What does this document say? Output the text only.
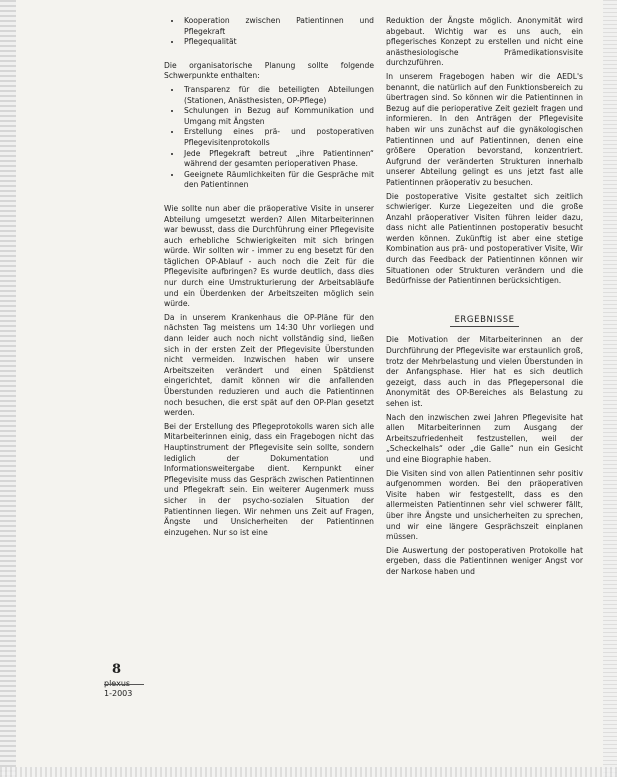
• Kooperation zwischen Patientinnen und Pflegekraft
• Pflegequalität

Die organisatorische Planung sollte folgende Schwerpunkte enthalten:

• Transparenz für die beteiligten Abteilungen (Stationen, Anästhesisten, OP-Pflege)
• Schulungen in Bezug auf Kommunikation und Umgang mit Ängsten
• Erstellung eines prä- und postoperativen Pflegevisitenprotokolls
• Jede Pflegekraft betreut „ihre Patientinnen“ während der gesamten perioperativen Phase.
• Geeignete Räumlichkeiten für die Gespräche mit den Patientinnen

Wie sollte nun aber die präoperative Visite in unserer Abteilung umgesetzt werden? Allen Mitarbeiterinnen war bewusst, dass die Durchführung einer Pflegevisite auch erhebliche Schwierigkeiten mit sich bringen würde. Wir sollten wir - immer zu eng besetzt für den täglichen OP-Ablauf - auch noch die Zeit für die Pflegevisite aufbringen? Es wurde deutlich, dass dies nur durch eine Umstrukturierung der Arbeitsabläufe und ein Überdenken der Arbeitszeiten möglich sein würde.

Da in unserem Krankenhaus die OP-Pläne für den nächsten Tag meistens um 14:30 Uhr vorliegen und dann leider auch noch nicht vollständig sind, ließen sich in der ersten Zeit der Pflegevisite Überstunden nicht vermeiden. Inzwischen haben wir unsere Arbeitszeiten verändert und einen Spätdienst eingerichtet, damit können wir die anfallenden Überstunden reduzieren und auch die Patientinnen noch besuchen, die erst spät auf den OP-Plan gesetzt werden.

Bei der Erstellung des Pflegeprotokolls waren sich alle Mitarbeiterinnen einig, dass ein Fragebogen nicht das Hauptinstrument der Pflegevisite sein sollte, sondern lediglich der Dokumentation und Informationsweitergabe dient. Kernpunkt einer Pflegevisite muss das Gespräch zwischen Patientinnen und Pflegekraft sein. Ein weiterer Augenmerk muss sicher in der psycho-sozialen Situation der Patientinnen liegen. Wir nehmen uns Zeit auf Fragen, Ängste und Unsicherheiten der Patientinnen einzugehen. Nur so ist eine

Reduktion der Ängste möglich. Anonymität wird abgebaut. Wichtig war es uns auch, ein pflegerisches Konzept zu erstellen und nicht eine anästhesiologische Prämedikationsvisite durchzuführen.

In unserem Fragebogen haben wir die AEDL's benannt, die natürlich auf den Funktionsbereich zu übertragen sind. So können wir die Patientinnen in Bezug auf die perioperative Zeit gezielt fragen und informieren. In den Anträgen der Pflegevisite haben wir uns zunächst auf die gynäkologischen Patientinnen und auf Patientinnen, denen eine größere Operation bevorstand, konzentriert. Aufgrund der veränderten Strukturen innerhalb unserer Abteilung gelingt es uns jetzt fast alle Patientinnen präoperativ zu besuchen.

Die postoperative Visite gestaltet sich zeitlich schwieriger. Kurze Liegezeiten und die große Anzahl präoperativer Visiten führen leider dazu, dass nicht alle Patientinnen postoperativ besucht werden können. Zukünftig ist aber eine stetige Kombination aus prä- und postoperativer Visite, Wir durch das Feedback der Patientinnen können wir Situationen oder Strukturen verändern und die Bedürfnisse der Patientinnen berücksichtigen.

ERGEBNISSE

Die Motivation der Mitarbeiterinnen an der Durchführung der Pflegevisite war erstaunlich groß, trotz der Mehrbelastung und vielen Überstunden in der Anfangsphase. Hier hat es sich deutlich gezeigt, dass auch in das Pflegepersonal die Anonymität des OP-Bereiches als Belastung zu sehen ist.

Nach den inzwischen zwei Jahren Pflegevisite hat allen Mitarbeiterinnen zum Ausgang der Arbeitszufriedenheit festzustellen, weil der „Scheckelhals“ oder „die Galle“ nun ein Gesicht und eine Biographie haben.

Die Visiten sind von allen Patientinnen sehr positiv aufgenommen worden. Bei den präoperativen Visite haben wir festgestellt, dass es den allermeisten Patientinnen sehr viel schwerer fällt, über ihre Ängste und unsicherheiten zu sprechen, und wir eine längere Gesprächszeit einplanen müssen.

Die Auswertung der postoperativen Protokolle hat ergeben, dass die Patientinnen weniger Angst vor der Narkose haben und

8
plexus
1-2003
